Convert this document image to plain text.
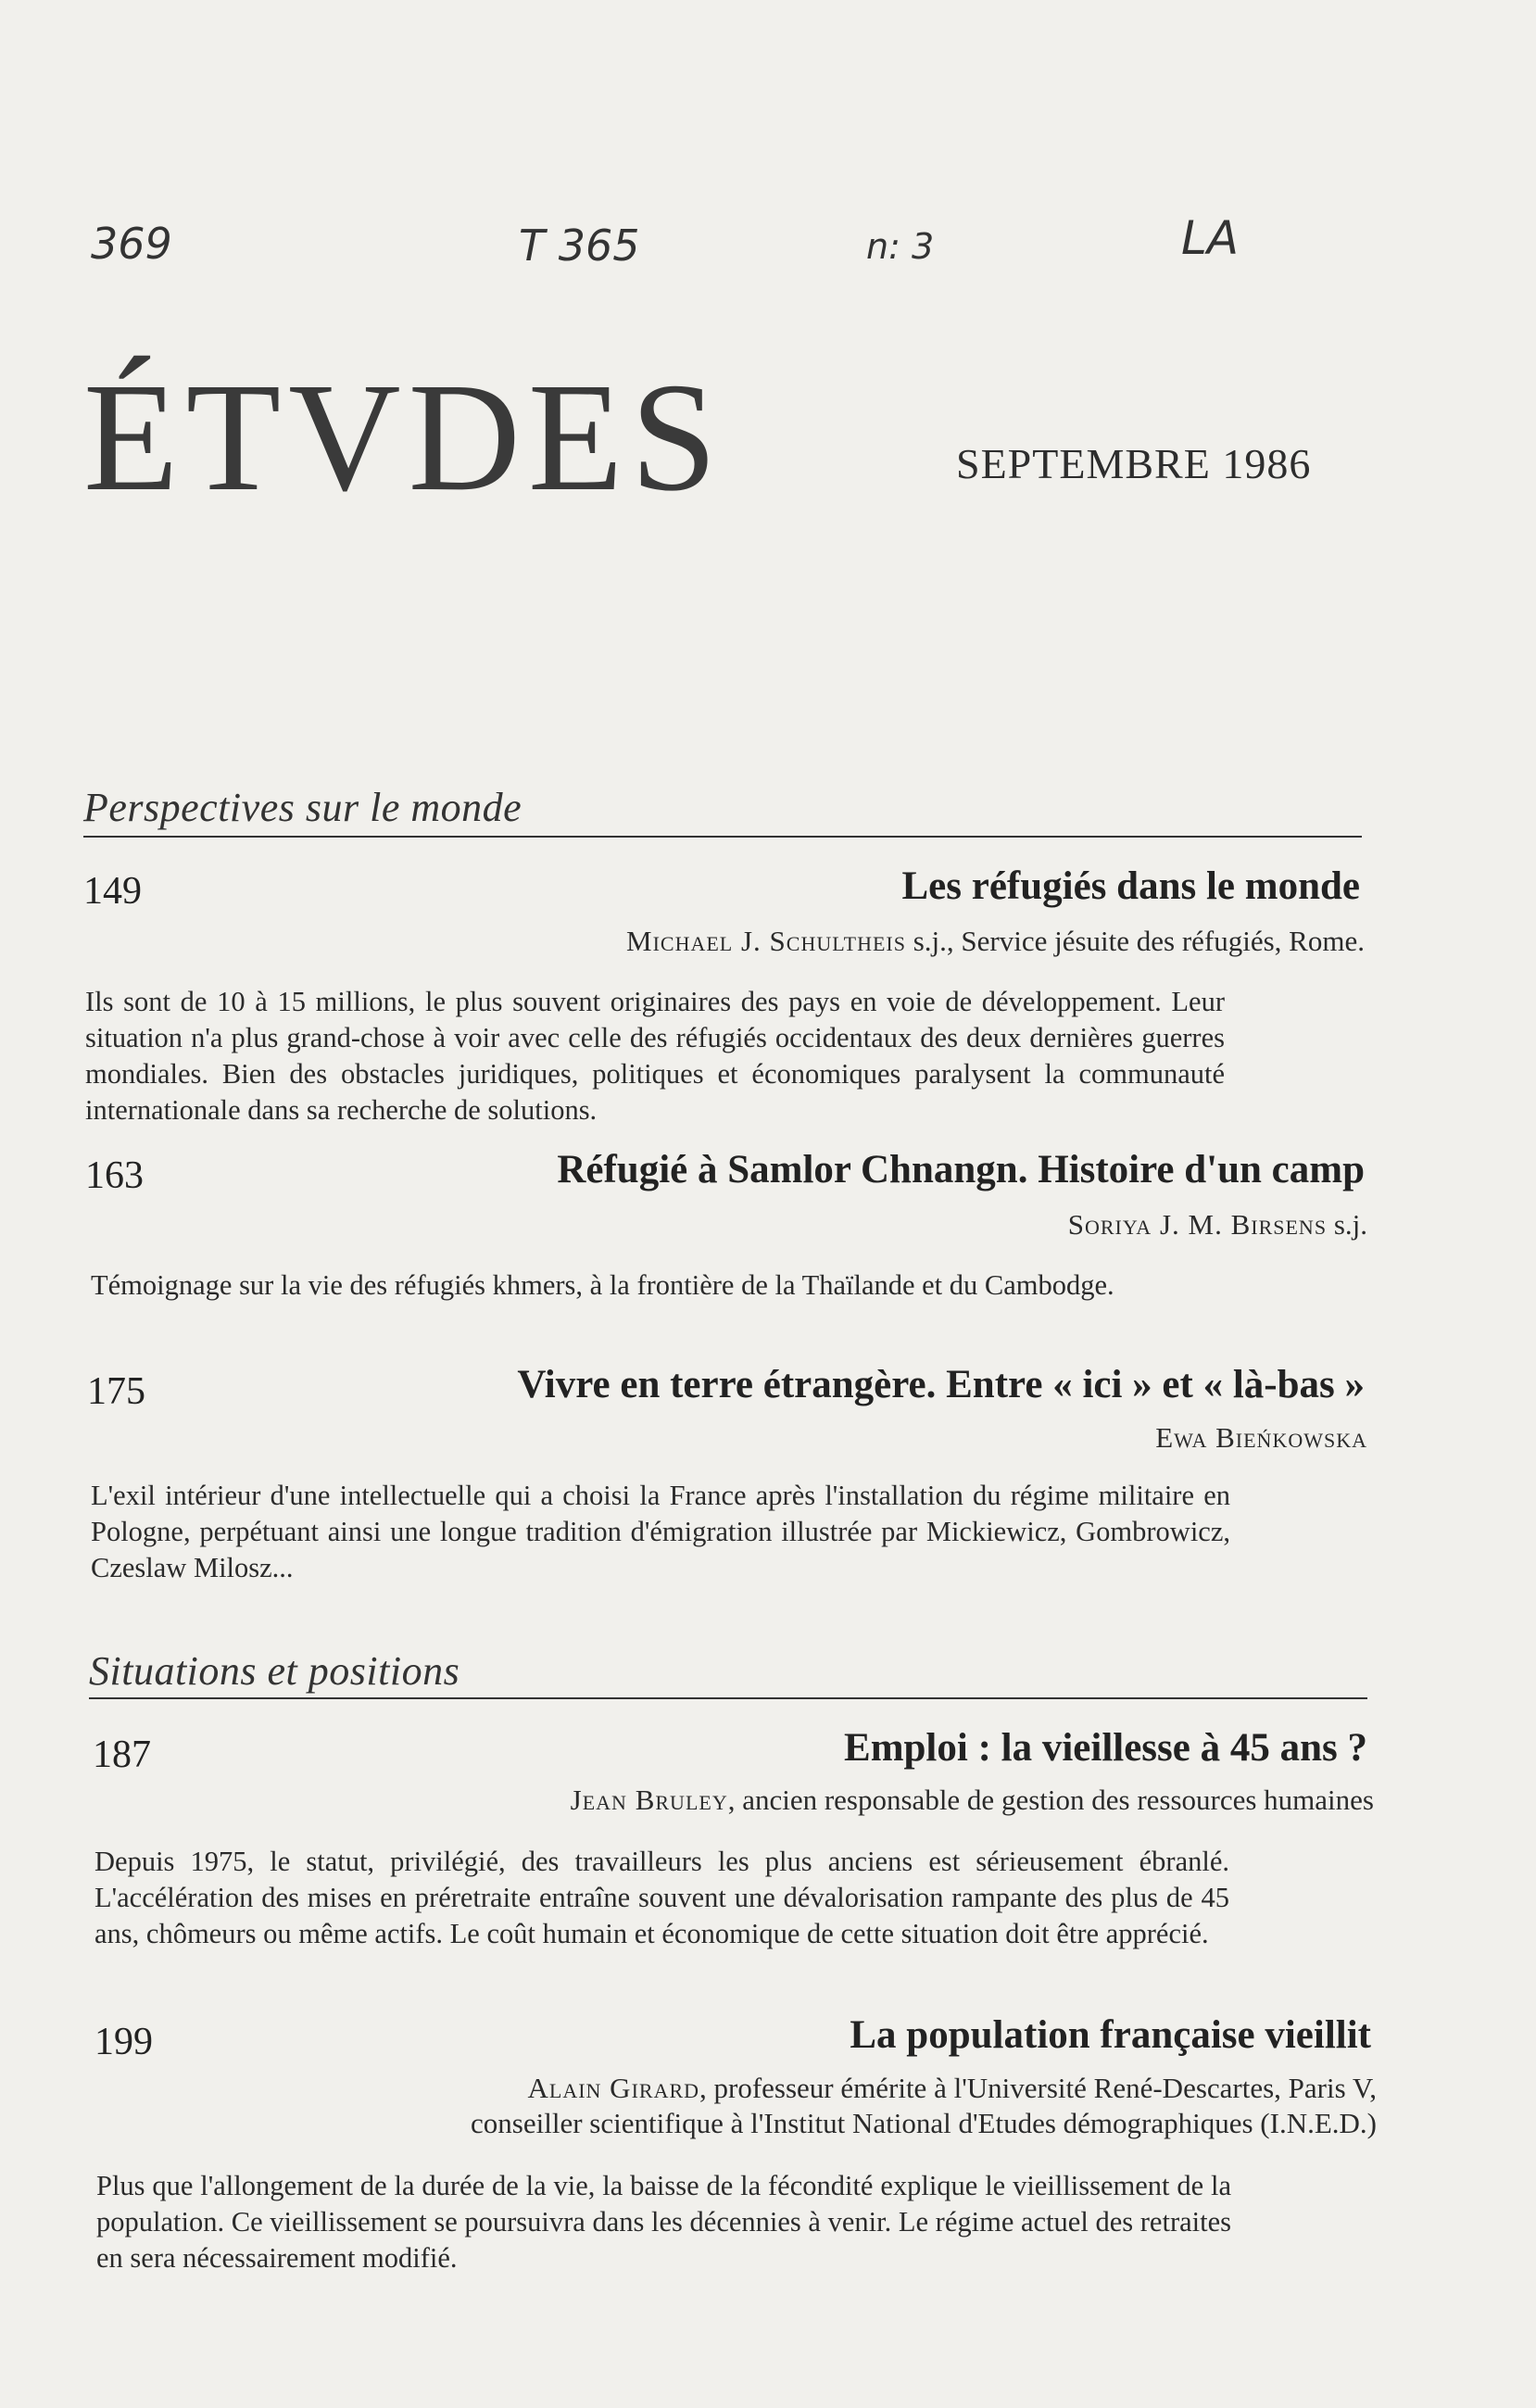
369	T 365	n: 3	LA
ÉTVDES	SEPTEMBRE 1986
Perspectives sur le monde
149	Les réfugiés dans le monde
Michael J. Schultheis s.j., Service jésuite des réfugiés, Rome.
Ils sont de 10 à 15 millions, le plus souvent originaires des pays en voie de développement. Leur situation n'a plus grand-chose à voir avec celle des réfugiés occidentaux des deux dernières guerres mondiales. Bien des obstacles juridiques, politiques et économiques paralysent la communauté internationale dans sa recherche de solutions.
163	Réfugié à Samlor Chnangn. Histoire d'un camp
Soriya J. M. Birsens s.j.
Témoignage sur la vie des réfugiés khmers, à la frontière de la Thaïlande et du Cambodge.
175	Vivre en terre étrangère. Entre « ici » et « là-bas »
Ewa Bieńkowska
L'exil intérieur d'une intellectuelle qui a choisi la France après l'installation du régime militaire en Pologne, perpétuant ainsi une longue tradition d'émigration illustrée par Mickiewicz, Gombrowicz, Czeslaw Milosz...
Situations et positions
187	Emploi : la vieillesse à 45 ans ?
Jean Bruley, ancien responsable de gestion des ressources humaines
Depuis 1975, le statut, privilégié, des travailleurs les plus anciens est sérieusement ébranlé. L'accélération des mises en préretraite entraîne souvent une dévalorisation rampante des plus de 45 ans, chômeurs ou même actifs. Le coût humain et économique de cette situation doit être apprécié.
199	La population française vieillit
Alain Girard, professeur émérite à l'Université René-Descartes, Paris V,
conseiller scientifique à l'Institut National d'Etudes démographiques (I.N.E.D.)
Plus que l'allongement de la durée de la vie, la baisse de la fécondité explique le vieillissement de la population. Ce vieillissement se poursuivra dans les décennies à venir. Le régime actuel des retraites en sera nécessairement modifié.
